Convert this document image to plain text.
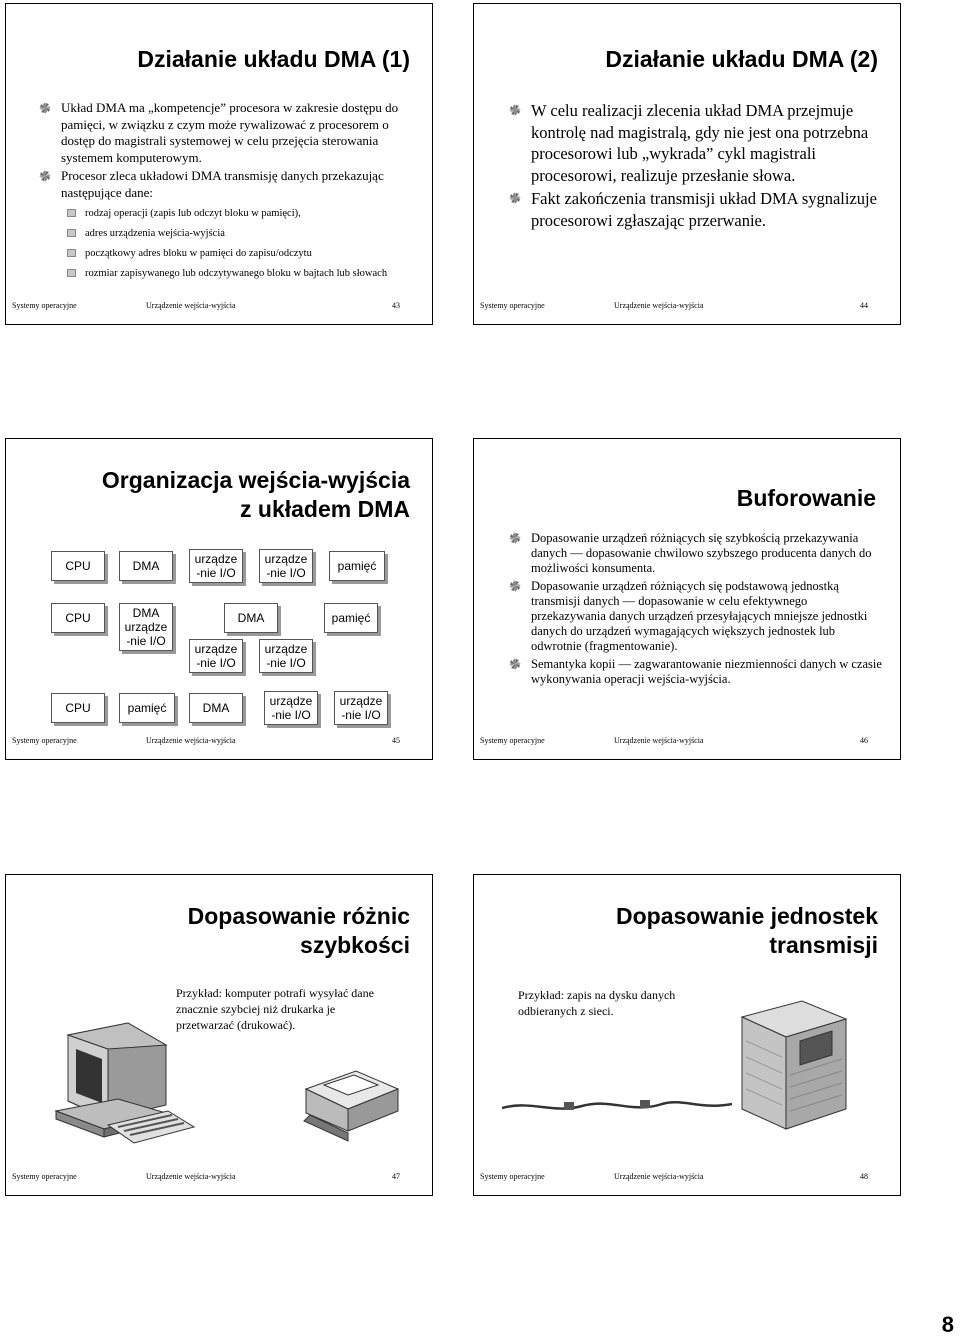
Działanie układu DMA (1)
Układ DMA ma „kompetencje” procesora w zakresie dostępu do pamięci, w związku z czym może rywalizować z procesorem o dostęp do magistrali systemowej w celu przejęcia sterowania systemem komputerowym.
Procesor zleca układowi DMA transmisję danych przekazując następujące dane:
rodzaj operacji (zapis lub odczyt bloku w pamięci),
adres urządzenia wejścia-wyjścia
początkowy adres bloku w pamięci do zapisu/odczytu
rozmiar zapisywanego lub odczytywanego bloku w bajtach lub słowach
Systemy operacyjne	Urządzenie wejścia-wyjścia	43
Działanie układu DMA (2)
W celu realizacji zlecenia układ DMA przejmuje kontrolę nad magistralą, gdy nie jest ona potrzebna procesorowi lub „wykrada” cykl magistrali procesorowi, realizuje przesłanie słowa.
Fakt zakończenia transmisji układ DMA sygnalizuje procesorowi zgłaszając przerwanie.
Systemy operacyjne	Urządzenie wejścia-wyjścia	44
Organizacja wejścia-wyjścia
z układem DMA
CPU	DMA	urządze
-nie I/O
urządze
-nie I/O	pamięć
CPU	DMA
urządze
-nie I/O
DMA	pamięć
urządze
-nie I/O
urządze
-nie I/O
CPU	pamięć	DMA	urządze
-nie I/O
urządze
-nie I/O
Systemy operacyjne	Urządzenie wejścia-wyjścia	45
Buforowanie
Dopasowanie urządzeń różniących się szybkością przekazywania danych — dopasowanie chwilowo szybszego producenta danych do możliwości konsumenta.
Dopasowanie urządzeń różniących się podstawową jednostką transmisji danych — dopasowanie w celu efektywnego przekazywania danych urządzeń przesyłających mniejsze jednostki danych do urządzeń wymagających większych jednostek lub odwrotnie (fragmentowanie).
Semantyka kopii — zagwarantowanie niezmienności danych w czasie wykonywania operacji wejścia-wyjścia.
Systemy operacyjne	Urządzenie wejścia-wyjścia	46
Dopasowanie różnic
szybkości
Przykład: komputer potrafi wysyłać dane znacznie szybciej niż drukarka je przetwarzać (drukować).
Systemy operacyjne	Urządzenie wejścia-wyjścia	47
Dopasowanie jednostek
transmisji
Przykład: zapis na dysku danych odbieranych z sieci.
Systemy operacyjne	Urządzenie wejścia-wyjścia	48
8
